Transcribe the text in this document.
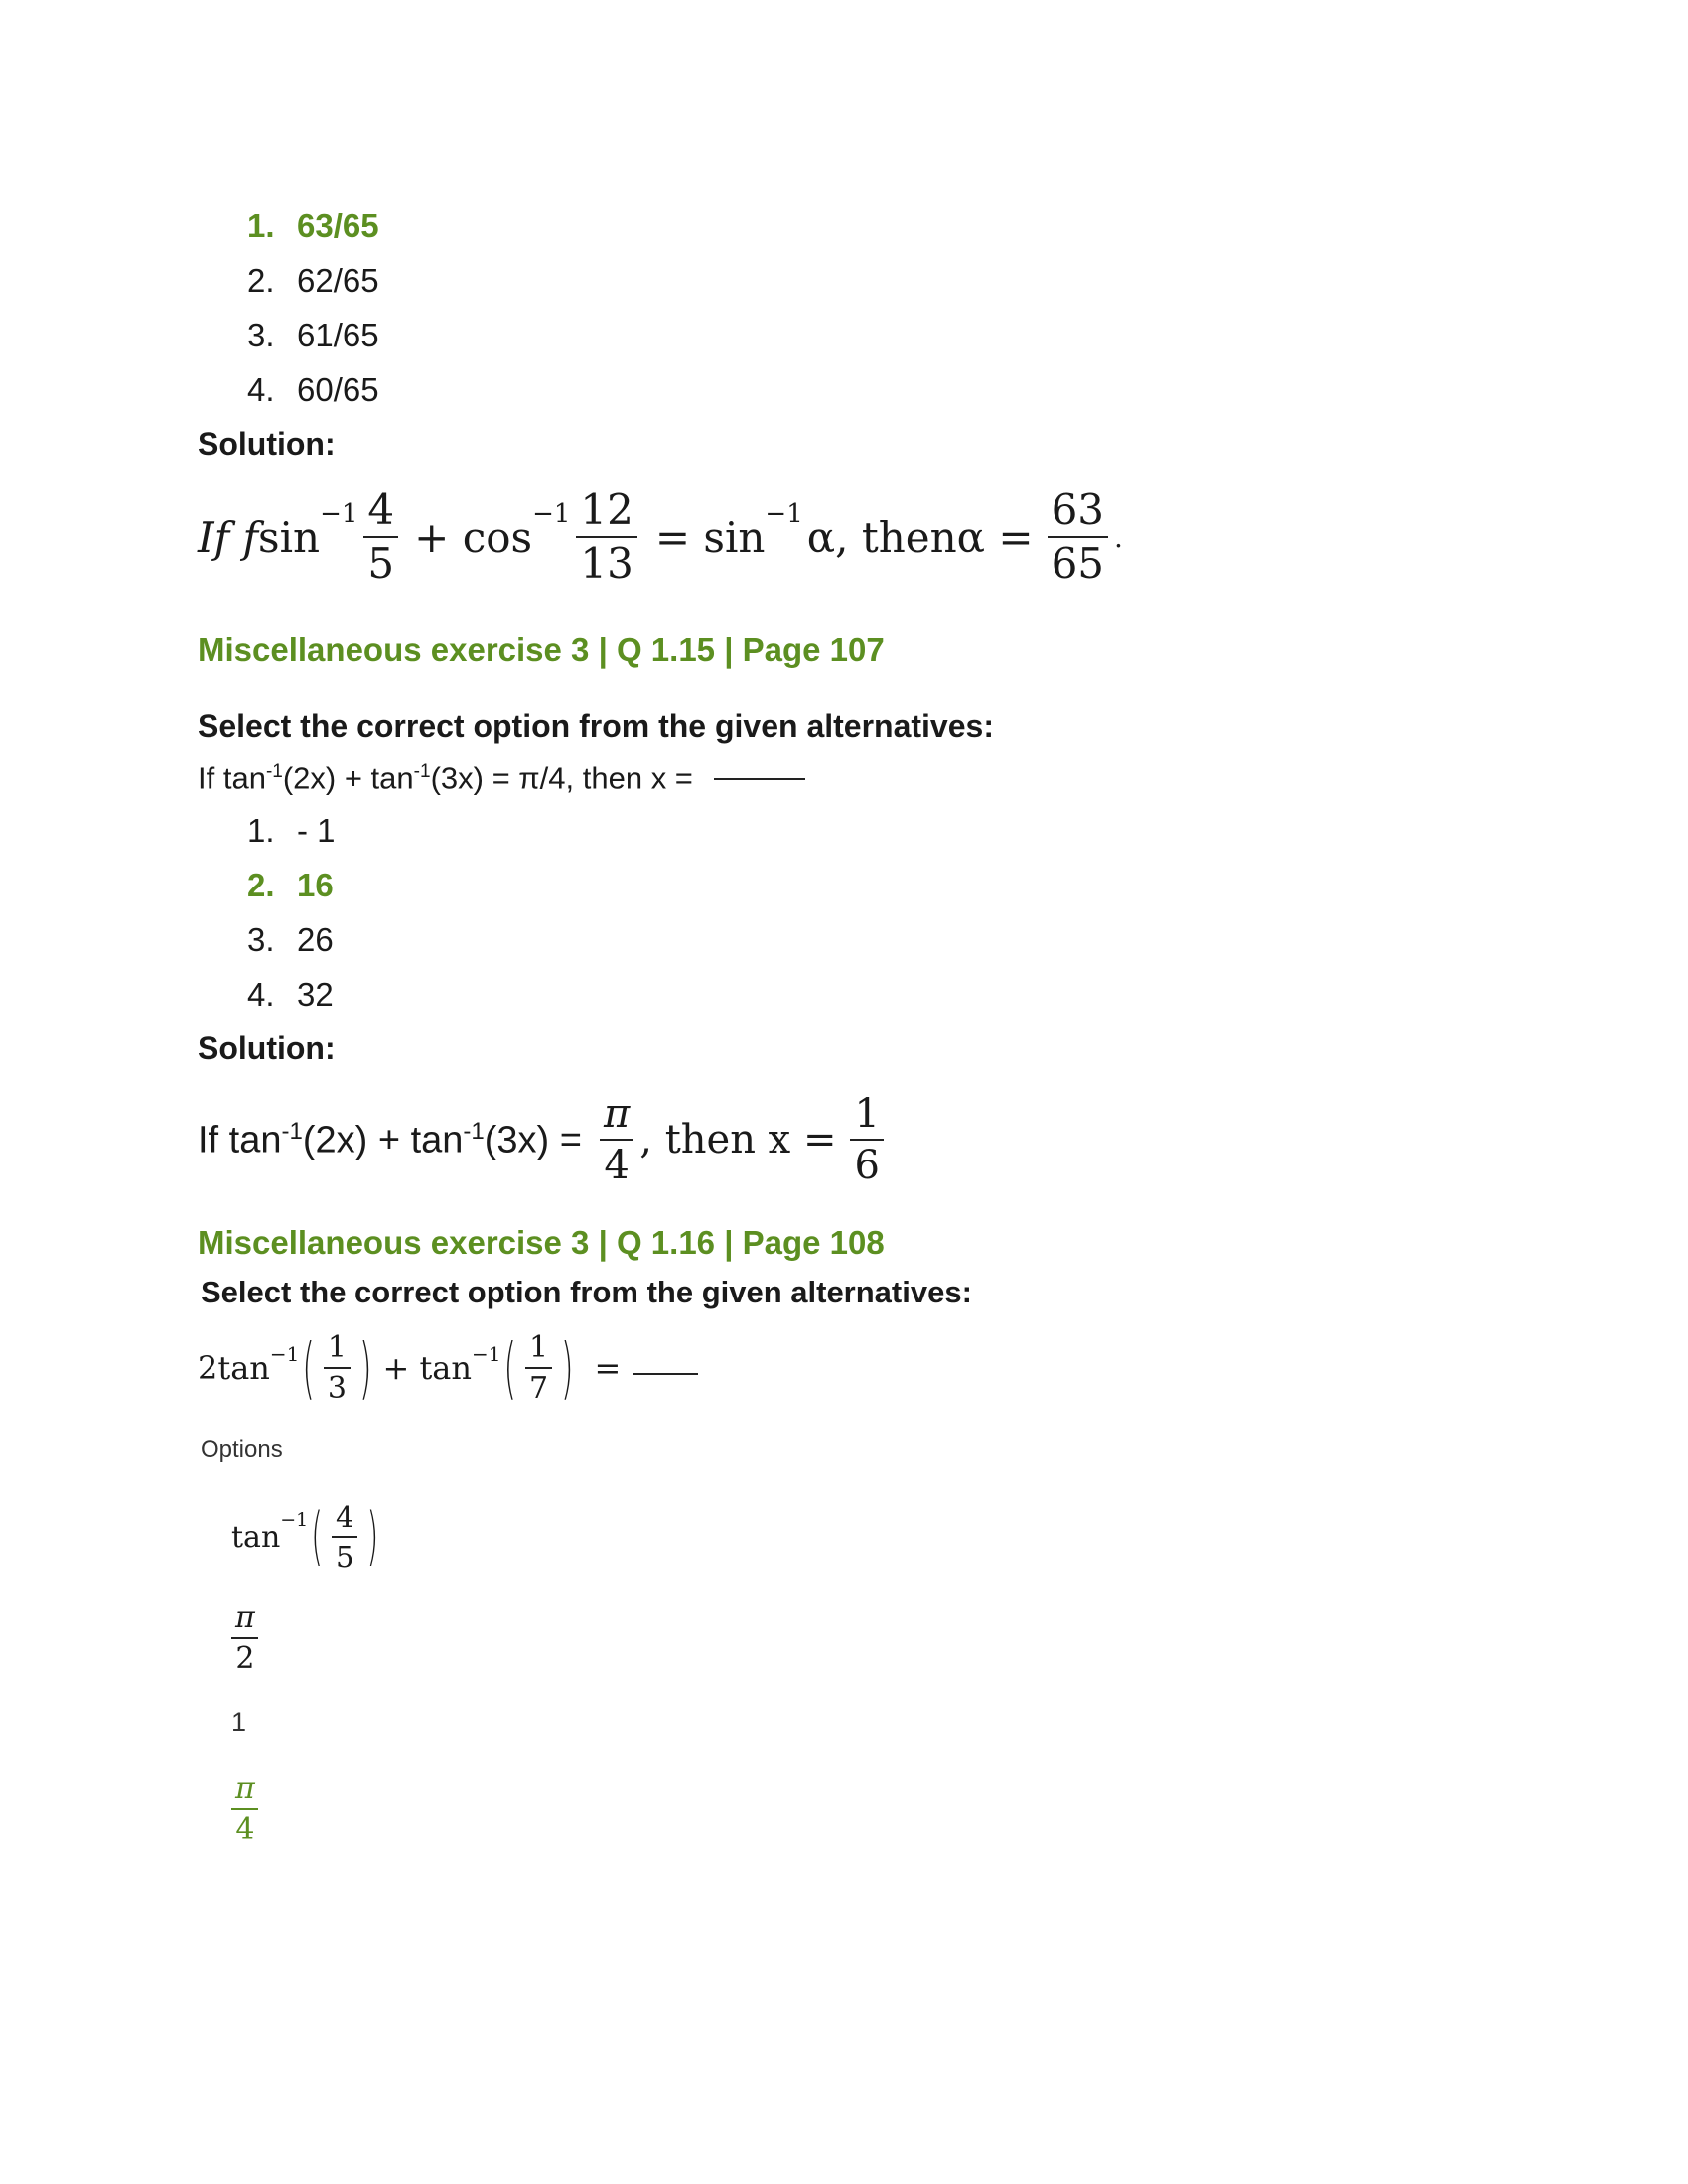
1. 63/65
2. 62/65
3. 61/65
4. 60/65

Solution:

If f $\sin^{-1} \frac{4}{5} + \cos^{-1} \frac{12}{13} = \sin^{-1} \alpha$, thenα = $\frac{63}{65}$ .

Miscellaneous exercise 3 | Q 1.15 | Page 107

Select the correct option from the given alternatives:

If $\tan^{-1}(2x) + \tan^{-1}(3x) = \pi/4$, then x =

1. - 1
2. 16
3. 26
4. 32

Solution:

If $\tan^{-1}(2x) + \tan^{-1}(3x) = \frac{\pi}{4}$ , then $x = \frac{1}{6}$

Miscellaneous exercise 3 | Q 1.16 | Page 108

Select the correct option from the given alternatives:

$2\tan^{-1}$ ( $\frac{1}{3}$ ) + $\tan^{-1}$ ( $\frac{1}{7}$ ) =

Options

$\tan^{-1}$ ( $\frac{4}{5}$ )
$\frac{\pi}{2}$
1
$\frac{\pi}{4}$
